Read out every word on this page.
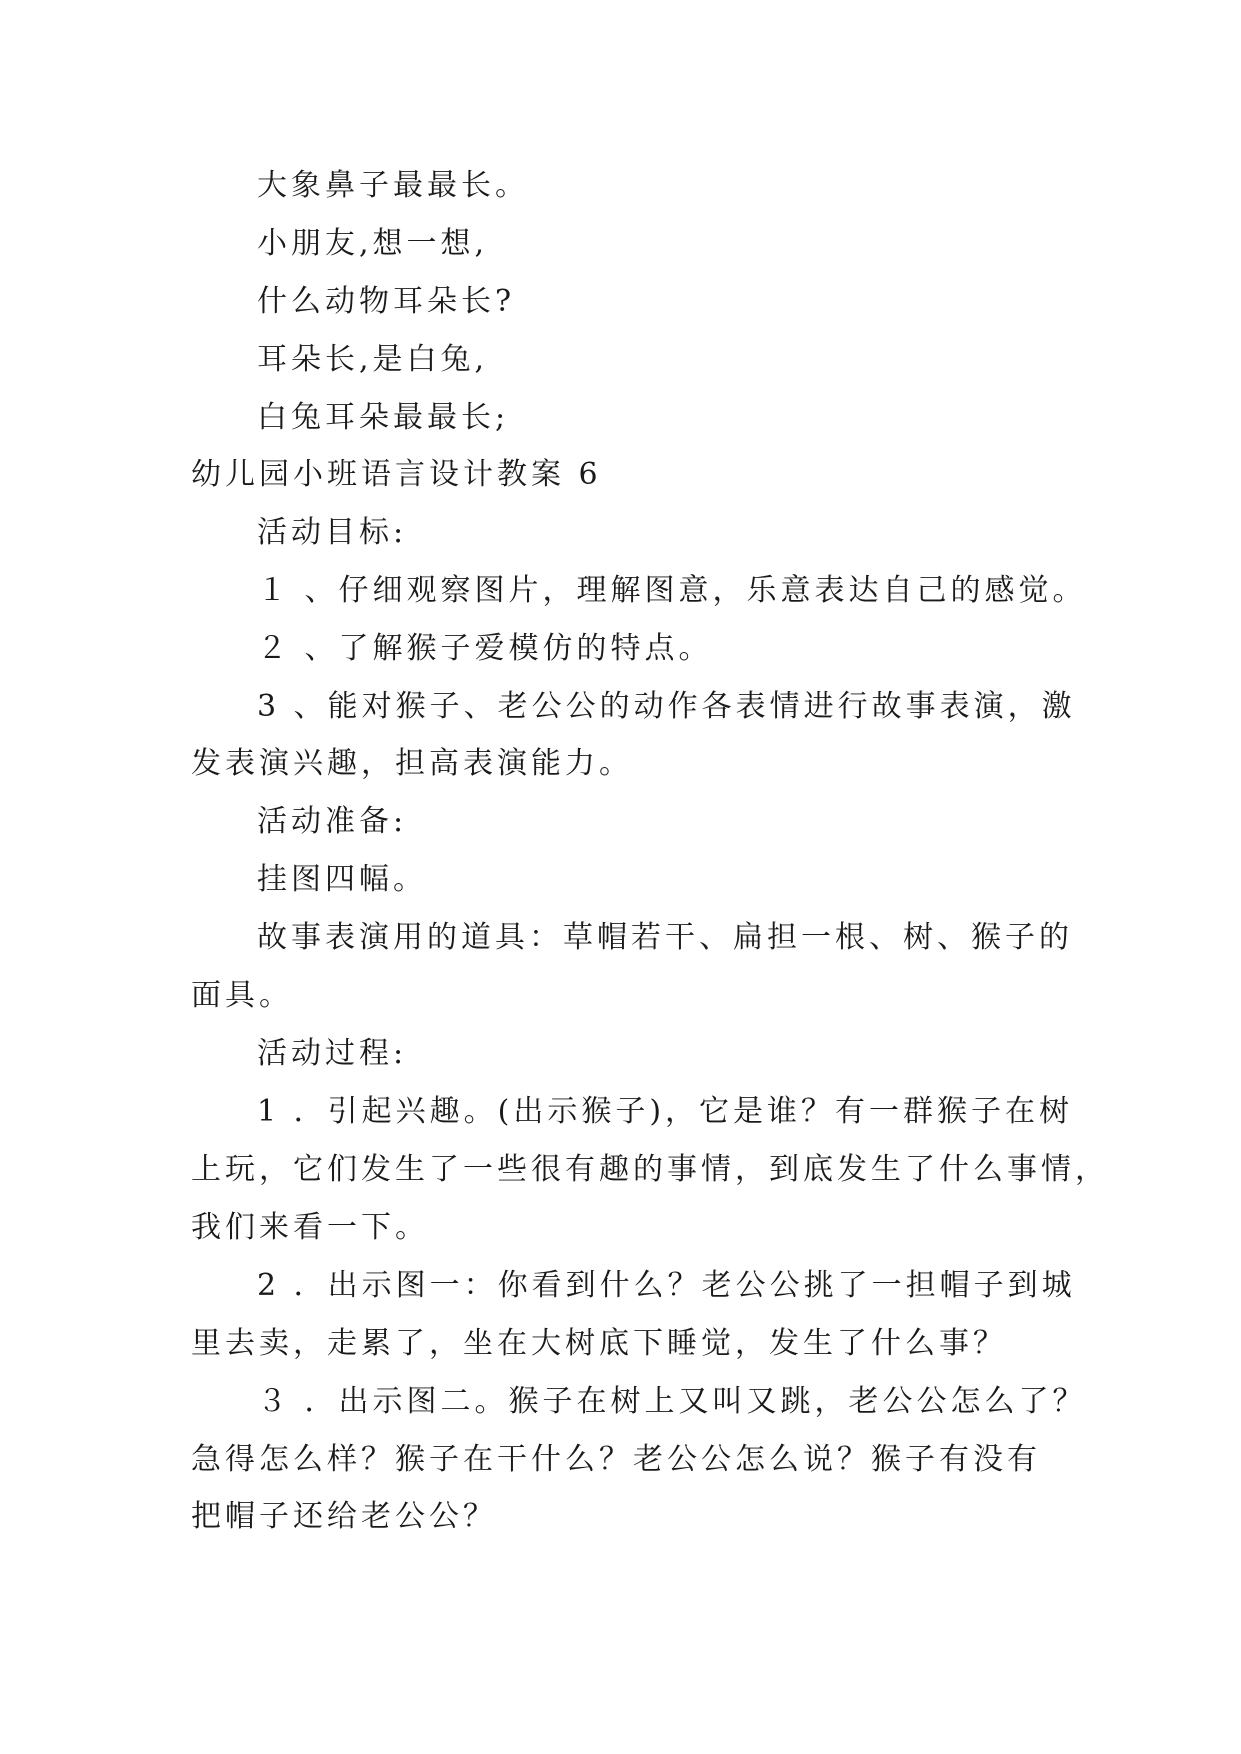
大象鼻子最最长。
小朋友,想一想,
什么动物耳朵长?
耳朵长,是白兔,
白兔耳朵最最长;
幼儿园小班语言设计教案 6
活动目标:
１ 、仔细观察图片，理解图意，乐意表达自己的感觉。
２ 、了解猴子爱模仿的特点。
3 、能对猴子、老公公的动作各表情进行故事表演，激
发表演兴趣，担高表演能力。
活动准备:
挂图四幅。
故事表演用的道具：草帽若干、扁担一根、树、猴子的
面具。
活动过程:
1 ．引起兴趣。(出示猴子)，它是谁？有一群猴子在树
上玩，它们发生了一些很有趣的事情，到底发生了什么事情，
我们来看一下。
2 ．出示图一：你看到什么？老公公挑了一担帽子到城
里去卖，走累了，坐在大树底下睡觉，发生了什么事？
３ ．出示图二。猴子在树上又叫又跳，老公公怎么了？
急得怎么样？猴子在干什么？老公公怎么说？猴子有没有
把帽子还给老公公？
